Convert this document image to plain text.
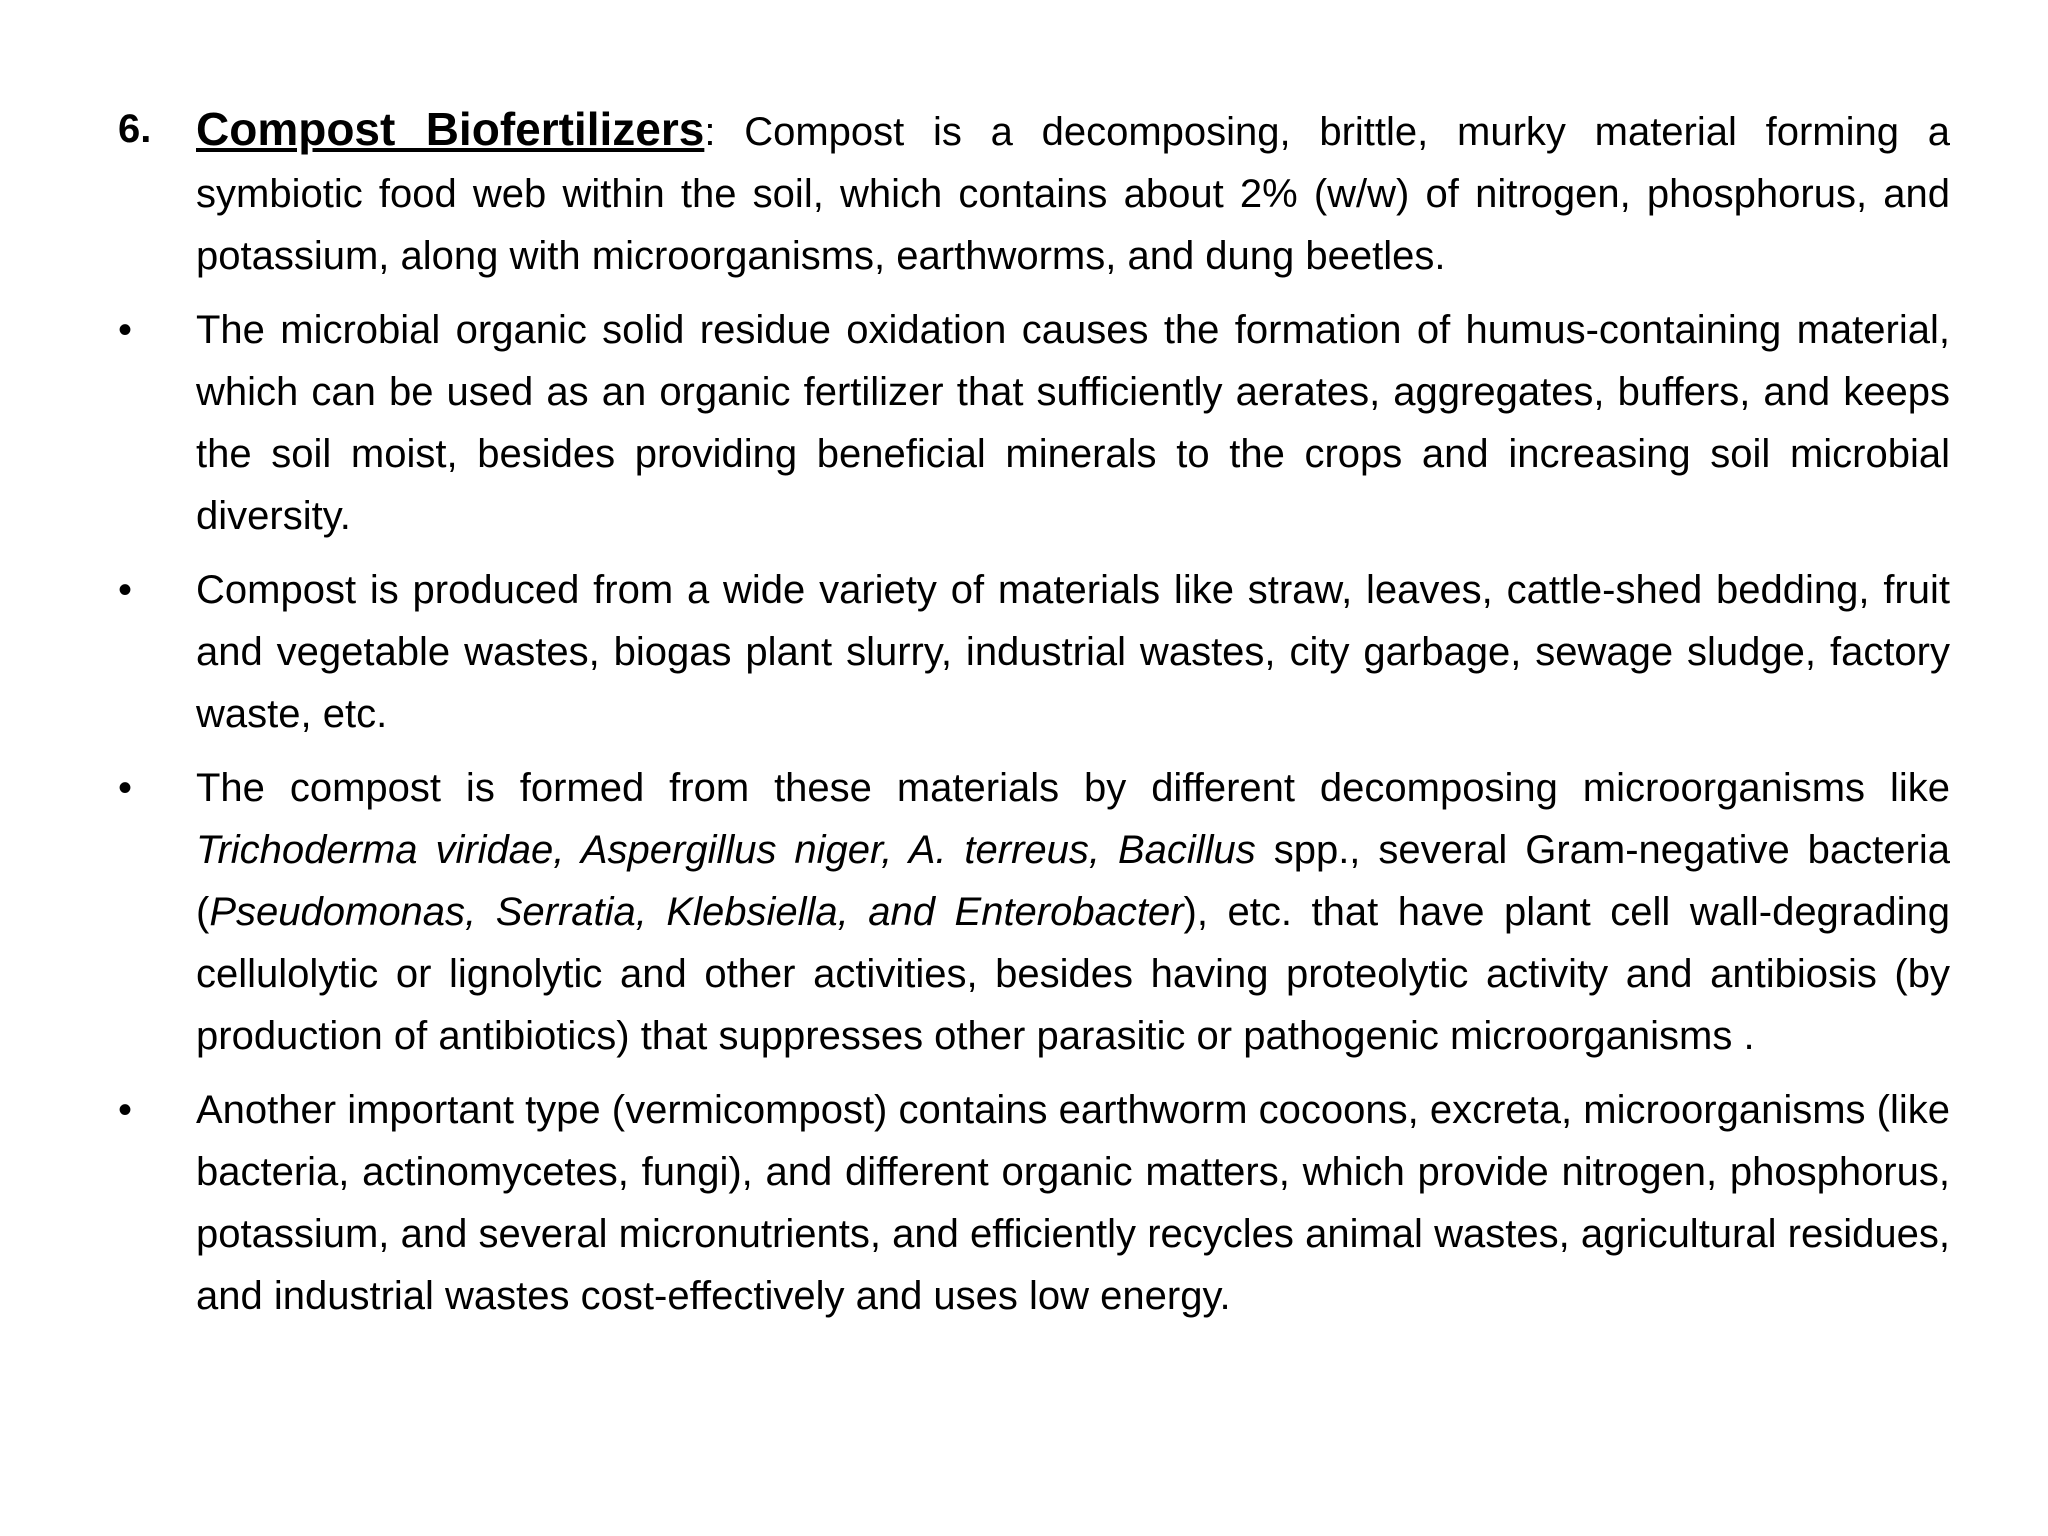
6. Compost Biofertilizers: Compost is a decomposing, brittle, murky material forming a symbiotic food web within the soil, which contains about 2% (w/w) of nitrogen, phosphorus, and potassium, along with microorganisms, earthworms, and dung beetles.
• The microbial organic solid residue oxidation causes the formation of humus-containing material, which can be used as an organic fertilizer that sufficiently aerates, aggregates, buffers, and keeps the soil moist, besides providing beneficial minerals to the crops and increasing soil microbial diversity.
• Compost is produced from a wide variety of materials like straw, leaves, cattle-shed bedding, fruit and vegetable wastes, biogas plant slurry, industrial wastes, city garbage, sewage sludge, factory waste, etc.
• The compost is formed from these materials by different decomposing microorganisms like Trichoderma viridae, Aspergillus niger, A. terreus, Bacillus spp., several Gram-negative bacteria (Pseudomonas, Serratia, Klebsiella, and Enterobacter), etc. that have plant cell wall-degrading cellulolytic or lignolytic and other activities, besides having proteolytic activity and antibiosis (by production of antibiotics) that suppresses other parasitic or pathogenic microorganisms .
• Another important type (vermicompost) contains earthworm cocoons, excreta, microorganisms (like bacteria, actinomycetes, fungi), and different organic matters, which provide nitrogen, phosphorus, potassium, and several micronutrients, and efficiently recycles animal wastes, agricultural residues, and industrial wastes cost-effectively and uses low energy.
